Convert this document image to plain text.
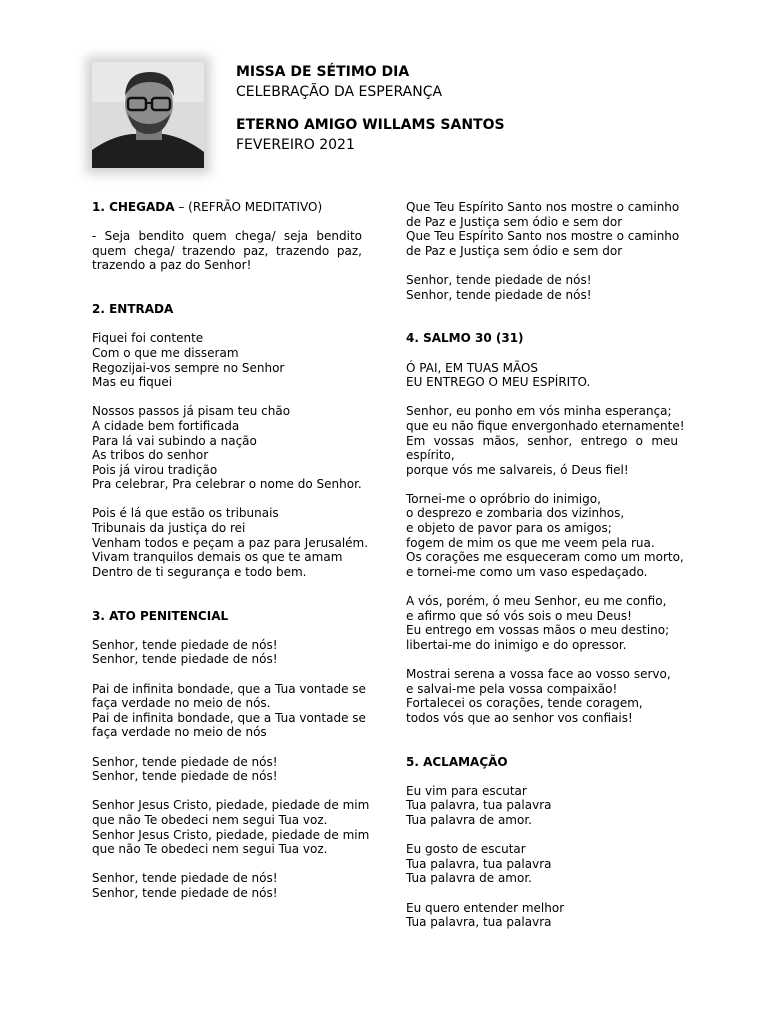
MISSA DE SÉTIMO DIA
CELEBRAÇÃO DA ESPERANÇA
ETERNO AMIGO WILLAMS SANTOS
FEVEREIRO 2021
1. CHEGADA – (REFRÃO MEDITATIVO)
- Seja bendito quem chega/ seja bendito quem chega/ trazendo paz, trazendo paz, trazendo a paz do Senhor!
2. ENTRADA
Fiquei foi contente
Com o que me disseram
Regozijai-vos sempre no Senhor
Mas eu fiquei
Nossos passos já pisam teu chão
A cidade bem fortificada
Para lá vai subindo a nação
As tribos do senhor
Pois já virou tradição
Pra celebrar, Pra celebrar o nome do Senhor.
Pois é lá que estão os tribunais
Tribunais da justiça do rei
Venham todos e peçam a paz para Jerusalém.
Vivam tranquilos demais os que te amam
Dentro de ti segurança e todo bem.
3. ATO PENITENCIAL
Senhor, tende piedade de nós!
Senhor, tende piedade de nós!
Pai de infinita bondade, que a Tua vontade se
faça verdade no meio de nós.
Pai de infinita bondade, que a Tua vontade se
faça verdade no meio de nós
Senhor, tende piedade de nós!
Senhor, tende piedade de nós!
Senhor Jesus Cristo, piedade, piedade de mim
que não Te obedeci nem segui Tua voz.
Senhor Jesus Cristo, piedade, piedade de mim
que não Te obedeci nem segui Tua voz.
Senhor, tende piedade de nós!
Senhor, tende piedade de nós!
Que Teu Espírito Santo nos mostre o caminho
de Paz e Justiça sem ódio e sem dor
Que Teu Espírito Santo nos mostre o caminho
de Paz e Justiça sem ódio e sem dor
Senhor, tende piedade de nós!
Senhor, tende piedade de nós!
4. SALMO 30 (31)
Ó PAI, EM TUAS MÃOS
EU ENTREGO O MEU ESPÍRITO.
Senhor, eu ponho em vós minha esperança;
que eu não fique envergonhado eternamente!
Em vossas mãos, senhor, entrego o meu
espírito,
porque vós me salvareis, ó Deus fiel!
Tornei-me o opróbrio do inimigo,
o desprezo e zombaria dos vizinhos,
e objeto de pavor para os amigos;
fogem de mim os que me veem pela rua.
Os corações me esqueceram como um morto,
e tornei-me como um vaso espedaçado.
A vós, porém, ó meu Senhor, eu me confio,
e afirmo que só vós sois o meu Deus!
Eu entrego em vossas mãos o meu destino;
libertai-me do inimigo e do opressor.
Mostrai serena a vossa face ao vosso servo,
e salvai-me pela vossa compaixão!
Fortalecei os corações, tende coragem,
todos vós que ao senhor vos confiais!
5. ACLAMAÇÃO
Eu vim para escutar
Tua palavra, tua palavra
Tua palavra de amor.
Eu gosto de escutar
Tua palavra, tua palavra
Tua palavra de amor.
Eu quero entender melhor
Tua palavra, tua palavra
